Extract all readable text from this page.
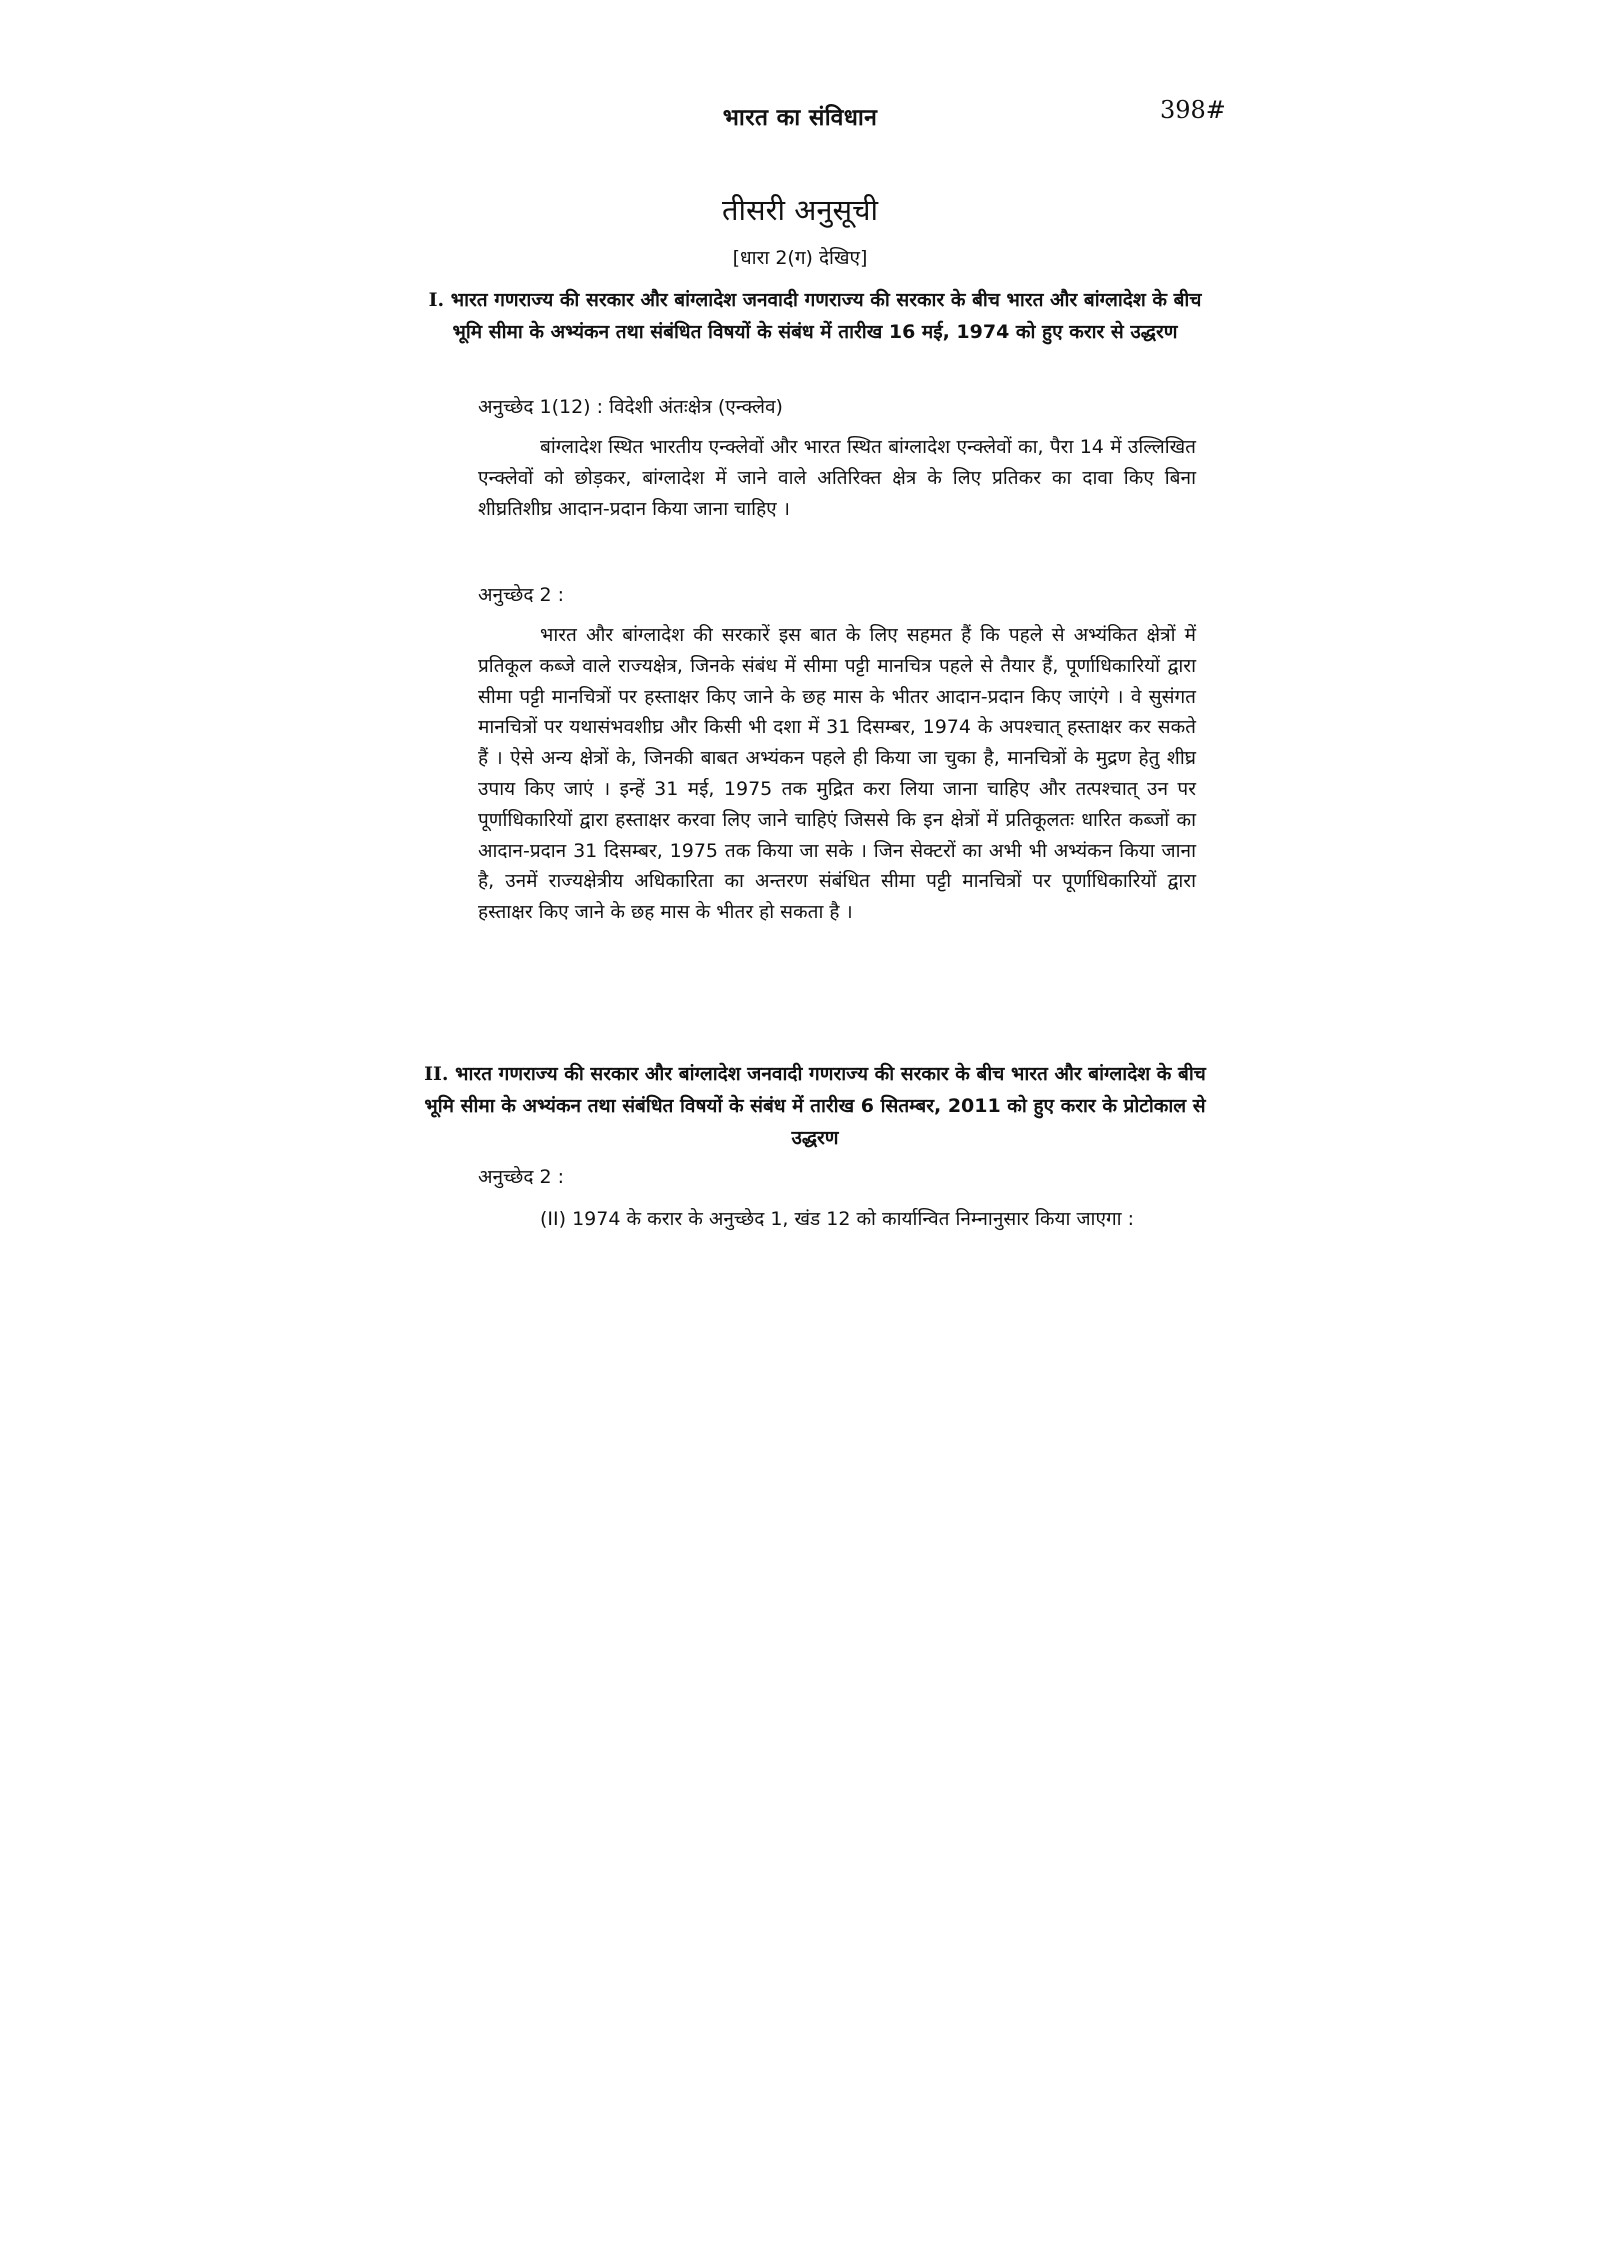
भारत का संविधान	398#
तीसरी अनुसूची
[धारा 2(ग) देखिए]
I. भारत गणराज्य की सरकार और बांग्लादेश जनवादी गणराज्य की सरकार के बीच भारत और बांग्लादेश के बीच भूमि सीमा के अभ्यंकन तथा संबंधित विषयों के संबंध में तारीख 16 मई, 1974 को हुए करार से उद्धरण
अनुच्छेद 1(12) : विदेशी अंतःक्षेत्र (एन्क्लेव)

बांग्लादेश स्थित भारतीय एन्क्लेवों और भारत स्थित बांग्लादेश एन्क्लेवों का, पैरा 14 में उल्लिखित एन्क्लेवों को छोड़कर, बांग्लादेश में जाने वाले अतिरिक्त क्षेत्र के लिए प्रतिकर का दावा किए बिना शीघ्रतिशीघ्र आदान-प्रदान किया जाना चाहिए ।

अनुच्छेद 2 :

भारत और बांग्लादेश की सरकारें इस बात के लिए सहमत हैं कि पहले से अभ्यंकित क्षेत्रों में प्रतिकूल कब्जे वाले राज्यक्षेत्र, जिनके संबंध में सीमा पट्टी मानचित्र पहले से तैयार हैं, पूर्णाधिकारियों द्वारा सीमा पट्टी मानचित्रों पर हस्ताक्षर किए जाने के छह मास के भीतर आदान-प्रदान किए जाएंगे । वे सुसंगत मानचित्रों पर यथासंभवशीघ्र और किसी भी दशा में 31 दिसम्बर, 1974 के अपश्चात् हस्ताक्षर कर सकते हैं । ऐसे अन्य क्षेत्रों के, जिनकी बाबत अभ्यंकन पहले ही किया जा चुका है, मानचित्रों के मुद्रण हेतु शीघ्र उपाय किए जाएं । इन्हें 31 मई, 1975 तक मुद्रित करा लिया जाना चाहिए और तत्पश्चात् उन पर पूर्णाधिकारियों द्वारा हस्ताक्षर करवा लिए जाने चाहिएं जिससे कि इन क्षेत्रों में प्रतिकूलतः धारित कब्जों का आदान-प्रदान 31 दिसम्बर, 1975 तक किया जा सके । जिन सेक्टरों का अभी भी अभ्यंकन किया जाना है, उनमें राज्यक्षेत्रीय अधिकारिता का अन्तरण संबंधित सीमा पट्टी मानचित्रों पर पूर्णाधिकारियों द्वारा हस्ताक्षर किए जाने के छह मास के भीतर हो सकता है ।

II. भारत गणराज्य की सरकार और बांग्लादेश जनवादी गणराज्य की सरकार के बीच भारत और बांग्लादेश के बीच भूमि सीमा के अभ्यंकन तथा संबंधित विषयों के संबंध में तारीख 6 सितम्बर, 2011 को हुए करार के प्रोटोकाल से उद्धरण
अनुच्छेद 2 :

(II) 1974 के करार के अनुच्छेद 1, खंड 12 को कार्यान्वित निम्नानुसार किया जाएगा :
